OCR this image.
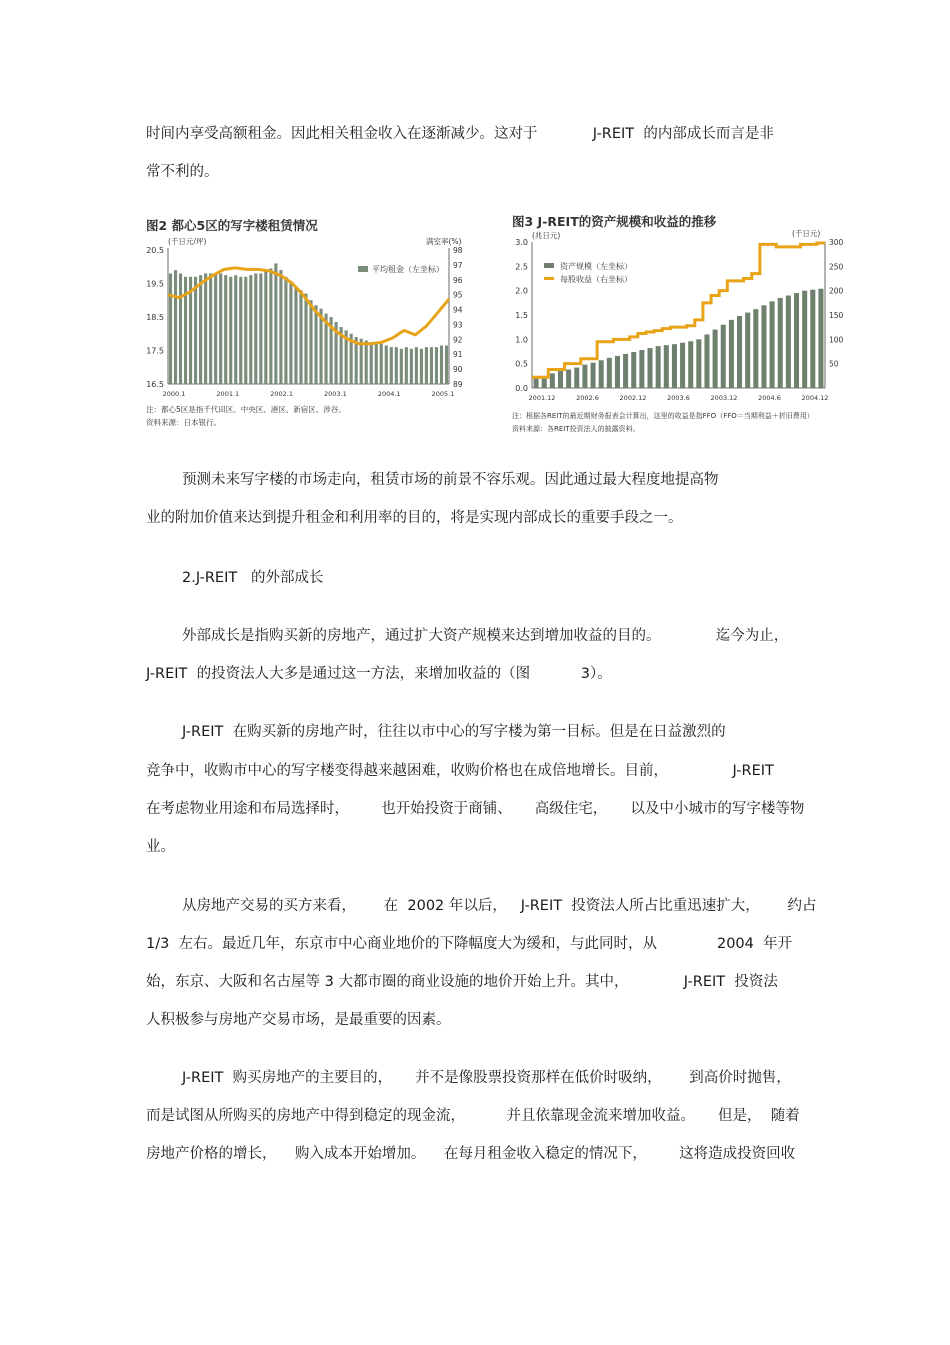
时间内享受高额租金。因此相关租金收入在逐渐减少。这对于            J-REIT  的内部成长而言是非
常不利的。
图2 都心5区的写字楼租赁情况
(千日元/坪)	满室率(%)
20.5
19.5
18.5
17.5
16.5
98
97
96
95
94
93
92
91
90
89
2000.1	2001.1	2002.1	2003.1	2004.1	2005.1
平均租金（左坐标）
注：都心5区是指千代田区、中央区、港区、新宿区、涉谷。
资料来源：日本银行。
图3 J-REIT的资产规模和收益的推移
(兆日元)	(千日元)
3.0
2.5
2.0
1.5
1.0
0.5
0.0
300
250
200
150
100
50
2001.12	2002.6	2002.12	2003.6	2003.12	2004.6	2004.12
资产规模（左坐标）
每股收益（右坐标）
注：根据各REIT的最近期财务报表会计算出，这里的收益是指FFO（FFO＝当期利益＋折旧费用）
资料来源：各REIT投资法人的披露资料。
预测未来写字楼的市场走向，租赁市场的前景不容乐观。因此通过最大程度地提高物
业的附加价值来达到提升租金和利用率的目的，将是实现内部成长的重要手段之一。
2.J-REIT   的外部成长
外部成长是指购买新的房地产，通过扩大资产规模来达到增加收益的目的。            迄今为止，
J-REIT  的投资法人大多是通过这一方法，来增加收益的（图           3）。
J-REIT  在购买新的房地产时，往往以市中心的写字楼为第一目标。但是在日益激烈的
竞争中，收购市中心的写字楼变得越来越困难，收购价格也在成倍地增长。目前，              J-REIT
在考虑物业用途和布局选择时，       也开始投资于商铺、     高级住宅，     以及中小城市的写字楼等物
业。
从房地产交易的买方来看，      在  2002 年以后，   J-REIT  投资法人所占比重迅速扩大，      约占
1/3  左右。最近几年，东京市中心商业地价的下降幅度大为缓和，与此同时，从             2004  年开
始，东京、大阪和名古屋等 3 大都市圈的商业设施的地价开始上升。其中，            J-REIT  投资法
人积极参与房地产交易市场，是最重要的因素。
J-REIT  购买房地产的主要目的，     并不是像股票投资那样在低价时吸纳，      到高价时抛售，
而是试图从所购买的房地产中得到稳定的现金流，         并且依靠现金流来增加收益。     但是，  随着
房地产价格的增长，    购入成本开始增加。    在每月租金收入稳定的情况下，       这将造成投资回收
